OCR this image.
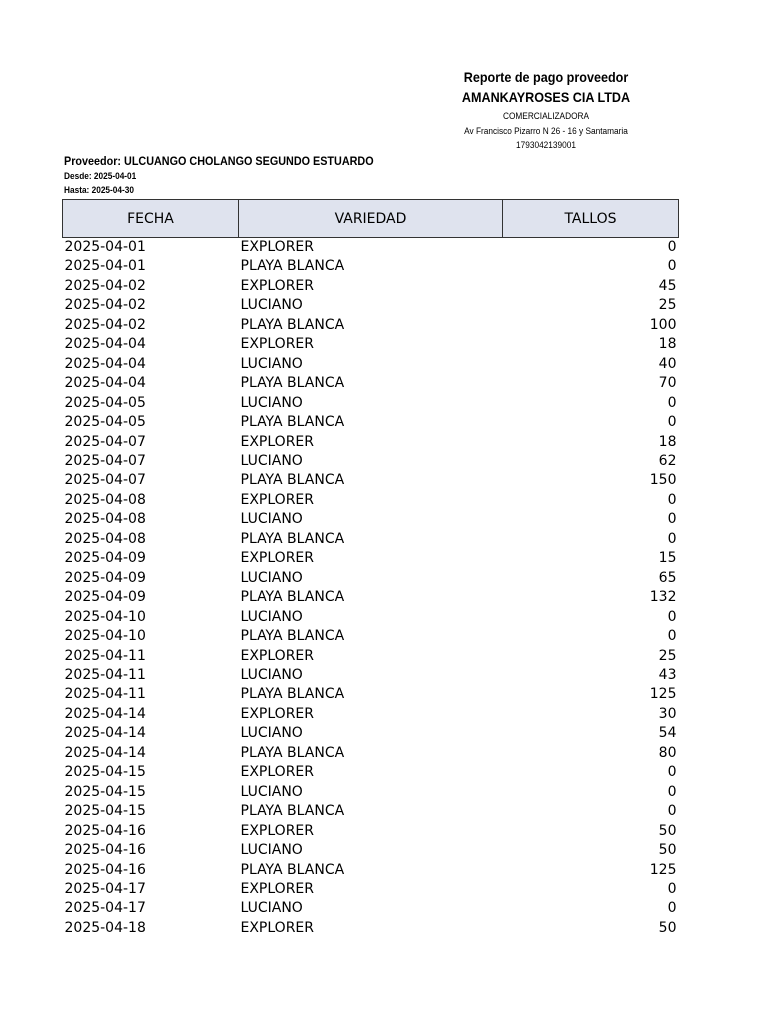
Reporte de pago proveedor
AMANKAYROSES CIA LTDA
COMERCIALIZADORA
Av Francisco Pizarro N 26 - 16 y Santamaria
1793042139001
Proveedor: ULCUANGO CHOLANGO SEGUNDO ESTUARDO
Desde: 2025-04-01
Hasta: 2025-04-30
FECHA	VARIEDAD	TALLOS
2025-04-01	EXPLORER	0
2025-04-01	PLAYA BLANCA	0
2025-04-02	EXPLORER	45
2025-04-02	LUCIANO	25
2025-04-02	PLAYA BLANCA	100
2025-04-04	EXPLORER	18
2025-04-04	LUCIANO	40
2025-04-04	PLAYA BLANCA	70
2025-04-05	LUCIANO	0
2025-04-05	PLAYA BLANCA	0
2025-04-07	EXPLORER	18
2025-04-07	LUCIANO	62
2025-04-07	PLAYA BLANCA	150
2025-04-08	EXPLORER	0
2025-04-08	LUCIANO	0
2025-04-08	PLAYA BLANCA	0
2025-04-09	EXPLORER	15
2025-04-09	LUCIANO	65
2025-04-09	PLAYA BLANCA	132
2025-04-10	LUCIANO	0
2025-04-10	PLAYA BLANCA	0
2025-04-11	EXPLORER	25
2025-04-11	LUCIANO	43
2025-04-11	PLAYA BLANCA	125
2025-04-14	EXPLORER	30
2025-04-14	LUCIANO	54
2025-04-14	PLAYA BLANCA	80
2025-04-15	EXPLORER	0
2025-04-15	LUCIANO	0
2025-04-15	PLAYA BLANCA	0
2025-04-16	EXPLORER	50
2025-04-16	LUCIANO	50
2025-04-16	PLAYA BLANCA	125
2025-04-17	EXPLORER	0
2025-04-17	LUCIANO	0
2025-04-18	EXPLORER	50
